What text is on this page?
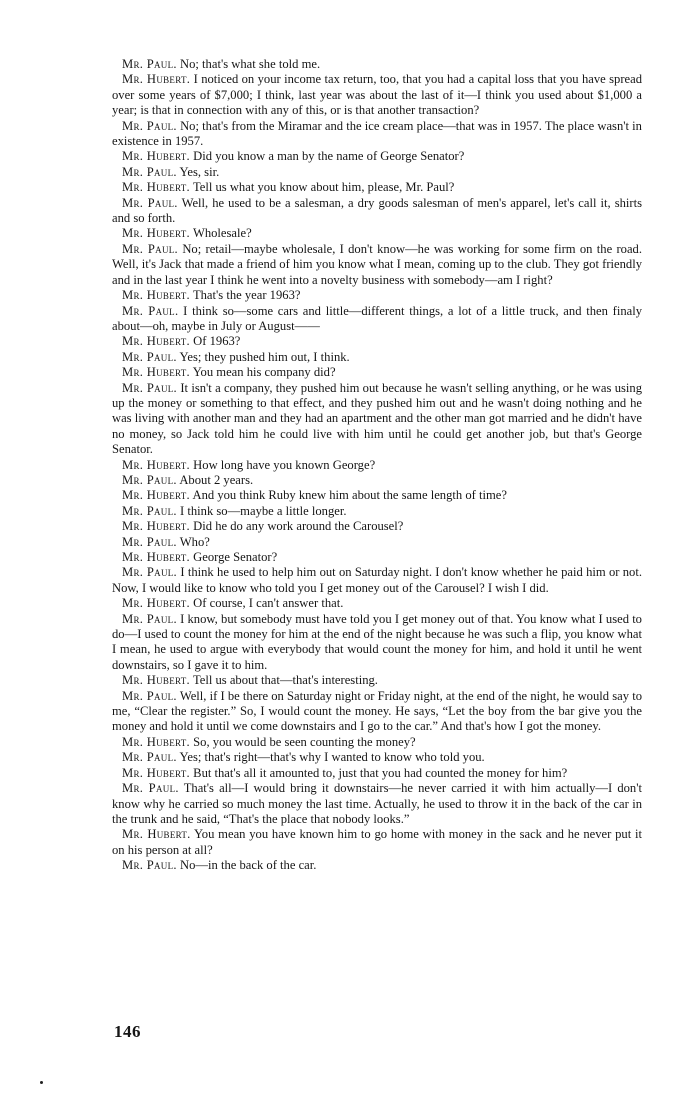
Mr. Paul. No; that's what she told me.

Mr. Hubert. I noticed on your income tax return, too, that you had a capital loss that you have spread over some years of $7,000; I think, last year was about the last of it—I think you used about $1,000 a year; is that in connection with any of this, or is that another transaction?

Mr. Paul. No; that's from the Miramar and the ice cream place—that was in 1957. The place wasn't in existence in 1957.

Mr. Hubert. Did you know a man by the name of George Senator?

Mr. Paul. Yes, sir.

Mr. Hubert. Tell us what you know about him, please, Mr. Paul?

Mr. Paul. Well, he used to be a salesman, a dry goods salesman of men's apparel, let's call it, shirts and so forth.

Mr. Hubert. Wholesale?

Mr. Paul. No; retail—maybe wholesale, I don't know—he was working for some firm on the road. Well, it's Jack that made a friend of him you know what I mean, coming up to the club. They got friendly and in the last year I think he went into a novelty business with somebody—am I right?

Mr. Hubert. That's the year 1963?

Mr. Paul. I think so—some cars and little—different things, a lot of a little truck, and then finaly about—oh, maybe in July or August——

Mr. Hubert. Of 1963?

Mr. Paul. Yes; they pushed him out, I think.

Mr. Hubert. You mean his company did?

Mr. Paul. It isn't a company, they pushed him out because he wasn't selling anything, or he was using up the money or something to that effect, and they pushed him out and he wasn't doing nothing and he was living with another man and they had an apartment and the other man got married and he didn't have no money, so Jack told him he could live with him until he could get another job, but that's George Senator.

Mr. Hubert. How long have you known George?

Mr. Paul. About 2 years.

Mr. Hubert. And you think Ruby knew him about the same length of time?

Mr. Paul. I think so—maybe a little longer.

Mr. Hubert. Did he do any work around the Carousel?

Mr. Paul. Who?

Mr. Hubert. George Senator?

Mr. Paul. I think he used to help him out on Saturday night. I don't know whether he paid him or not. Now, I would like to know who told you I get money out of the Carousel? I wish I did.

Mr. Hubert. Of course, I can't answer that.

Mr. Paul. I know, but somebody must have told you I get money out of that. You know what I used to do—I used to count the money for him at the end of the night because he was such a flip, you know what I mean, he used to argue with everybody that would count the money for him, and hold it until he went downstairs, so I gave it to him.

Mr. Hubert. Tell us about that—that's interesting.

Mr. Paul. Well, if I be there on Saturday night or Friday night, at the end of the night, he would say to me, “Clear the register.” So, I would count the money. He says, “Let the boy from the bar give you the money and hold it until we come downstairs and I go to the car.” And that's how I got the money.

Mr. Hubert. So, you would be seen counting the money?

Mr. Paul. Yes; that's right—that's why I wanted to know who told you.

Mr. Hubert. But that's all it amounted to, just that you had counted the money for him?

Mr. Paul. That's all—I would bring it downstairs—he never carried it with him actually—I don't know why he carried so much money the last time. Actually, he used to throw it in the back of the car in the trunk and he said, “That's the place that nobody looks.”

Mr. Hubert. You mean you have known him to go home with money in the sack and he never put it on his person at all?

Mr. Paul. No—in the back of the car.

146
